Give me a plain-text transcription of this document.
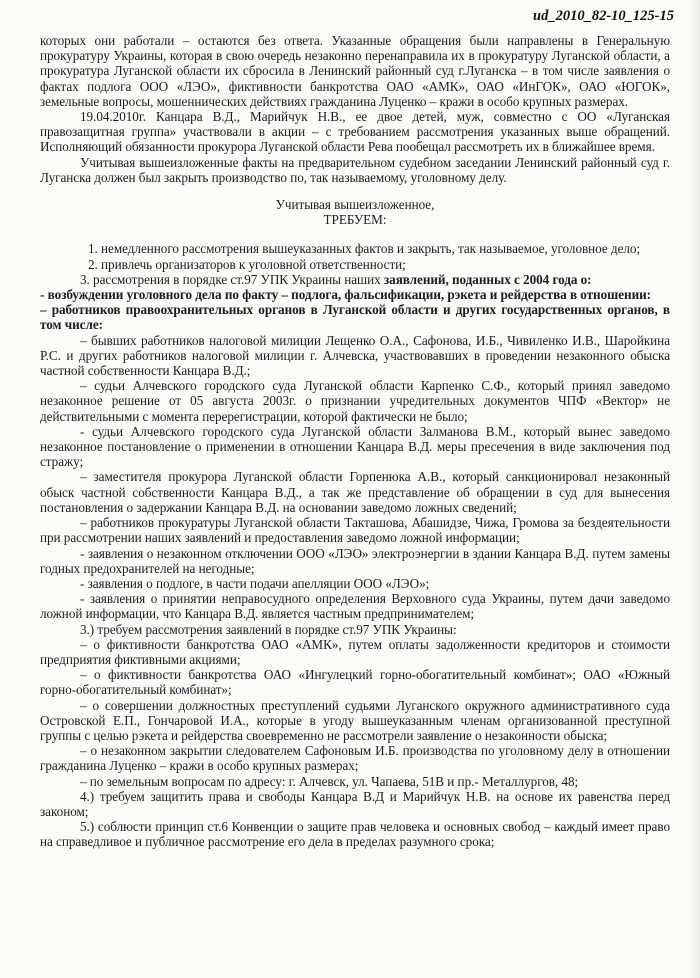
ud_2010_82-10_125-15

которых они работали – остаются без ответа. Указанные обращения были направлены в Генеральную прокуратуру Украины, которая в свою очередь незаконно перенаправила их в прокуратуру Луганской области, а прокуратура Луганской области их сбросила в Ленинский районный суд г.Луганска – в том числе заявления о фактах подлога ООО «ЛЭО», фиктивности банкротства ОАО «АМК», ОАО «ИнГОК», ОАО «ЮГОК», земельные вопросы, мошеннических действиях гражданина Луценко – кражи в особо крупных размерах.

19.04.2010г. Канцара В.Д., Марийчук Н.В., ее двое детей, муж, совместно с ОО «Луганская правозащитная группа» участвовали в акции – с требованием рассмотрения указанных выше обращений. Исполняющий обязанности прокурора Луганской области Рева пообещал рассмотреть их в ближайшее время.

Учитывая вышеизложенные факты на предварительном судебном заседании Ленинский районный суд г. Луганска должен был закрыть производство по, так называемому, уголовному делу.

Учитывая вышеизложенное,

ТРЕБУЕМ:

1. немедленного рассмотрения вышеуказанных фактов и закрыть, так называемое, уголовное дело;

2. привлечь организаторов к уголовной ответственности;

3. рассмотрения в порядке ст.97 УПК Украины наших заявлений, поданных с 2004 года о:

- возбуждении уголовного дела по факту – подлога, фальсификации, рэкета и рейдерства в отношении:

– работников правоохранительных органов в Луганской области и других государственных органов, в том числе:

– бывших работников налоговой милиции Лещенко О.А., Сафонова, И.Б., Чивиленко И.В., Шаройкина Р.С. и других работников налоговой милиции г. Алчевска, участвовавших в проведении незаконного обыска частной собственности Канцара В.Д.;

– судьи Алчевского городского суда Луганской области Карпенко С.Ф., который принял заведомо незаконное решение от 05 августа 2003г. о признании учредительных документов ЧПФ «Вектор» не действительными с момента перерегистрации, которой фактически не было;

- судьи Алчевского городского суда Луганской области Залманова В.М., который вынес заведомо незаконное постановление о применении в отношении Канцара В.Д. меры пресечения в виде заключения под стражу;

– заместителя прокурора Луганской области Горпенюка А.В., который санкционировал незаконный обыск частной собственности Канцара В.Д., а так же представление об обращении в суд для вынесения постановления о задержании Канцара В.Д. на основании заведомо ложных сведений;

– работников прокуратуры Луганской области Такташова, Абашидзе, Чижа, Громова за бездеятельности при рассмотрении наших заявлений и предоставления заведомо ложной информации;

- заявления о незаконном отключении ООО «ЛЭО» электроэнергии в здании Канцара В.Д. путем замены годных предохранителей на негодные;

- заявления о подлоге, в части подачи апелляции ООО «ЛЭО»;

- заявления о принятии неправосудного определения Верховного суда Украины, путем дачи заведомо ложной информации, что Канцара В.Д. является частным предпринимателем;

3.) требуем рассмотрения заявлений в порядке ст.97 УПК Украины:

– о фиктивности банкротства ОАО «АМК», путем оплаты задолженности кредиторов и стоимости предприятия фиктивными акциями;

– о фиктивности банкротства ОАО «Ингулецкий горно-обогатительный комбинат»; ОАО «Южный горно-обогатительный комбинат»;

– о совершении должностных преступлений судьями Луганского окружного административного суда Островской Е.П., Гончаровой И.А., которые в угоду вышеуказанным членам организованной преступной группы с целью рэкета и рейдерства своевременно не рассмотрели заявление о незаконности обыска;

– о незаконном закрытии следователем Сафоновым И.Б. производства по уголовному делу в отношении гражданина Луценко – кражи в особо крупных размерах;

– по земельным вопросам по адресу: г. Алчевск, ул. Чапаева, 51В и пр.- Металлургов, 48;

4.) требуем защитить права и свободы Канцара В.Д и Марийчук Н.В. на основе их равенства перед законом;

5.) соблюсти принцип ст.6 Конвенции о защите прав человека и основных свобод – каждый имеет право на справедливое и публичное рассмотрение его дела в пределах разумного срока;
